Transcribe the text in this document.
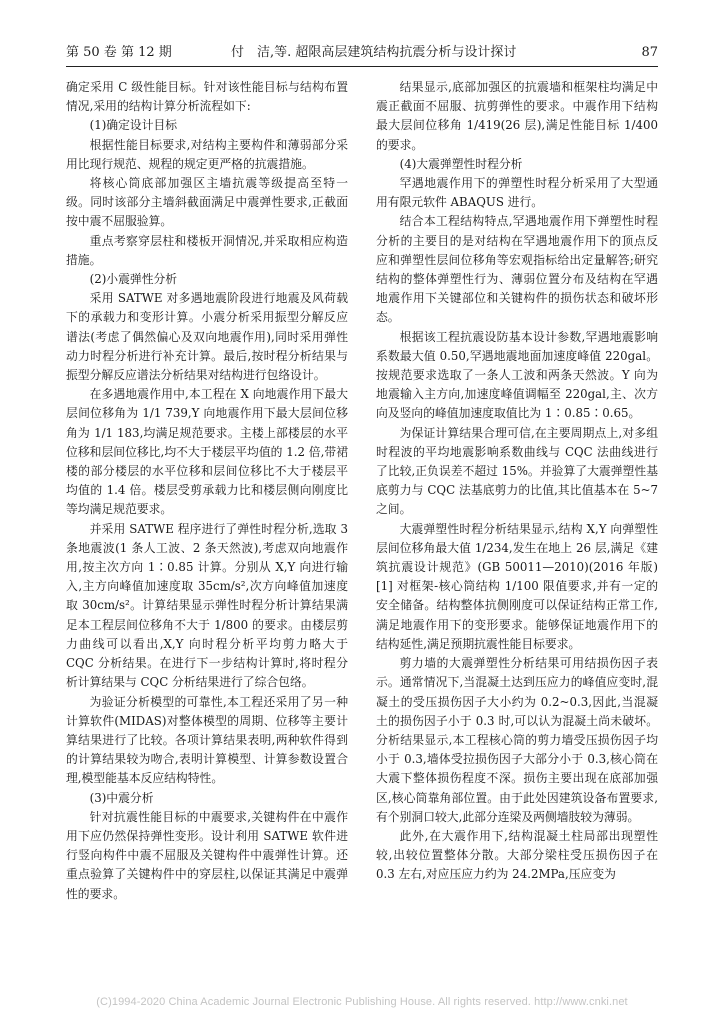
第 50 卷 第 12 期	付　洁,等. 超限高层建筑结构抗震分析与设计探讨	87

确定采用 C 级性能目标。针对该性能目标与结构布置情况,采用的结构计算分析流程如下:

(1)确定设计目标

根据性能目标要求,对结构主要构件和薄弱部分采用比现行规范、规程的规定更严格的抗震措施。

将核心筒底部加强区主墙抗震等级提高至特一级。同时该部分主墙斜截面满足中震弹性要求,正截面按中震不屈服验算。

重点考察穿层柱和楼板开洞情况,并采取相应构造措施。

(2)小震弹性分析

采用 SATWE 对多遇地震阶段进行地震及风荷载下的承载力和变形计算。小震分析采用振型分解反应谱法(考虑了偶然偏心及双向地震作用),同时采用弹性动力时程分析进行补充计算。最后,按时程分析结果与振型分解反应谱法分析结果对结构进行包络设计。

在多遇地震作用中,本工程在 X 向地震作用下最大层间位移角为 1/1 739,Y 向地震作用下最大层间位移角为 1/1 183,均满足规范要求。主楼上部楼层的水平位移和层间位移比,均不大于楼层平均值的 1.2 倍,带裙楼的部分楼层的水平位移和层间位移比不大于楼层平均值的 1.4 倍。楼层受剪承载力比和楼层侧向刚度比等均满足规范要求。

并采用 SATWE 程序进行了弹性时程分析,选取 3 条地震波(1 条人工波、2 条天然波),考虑双向地震作用,按主次方向 1∶0.85 计算。分别从 X,Y 向进行输入,主方向峰值加速度取 35cm/s²,次方向峰值加速度取 30cm/s²。计算结果显示弹性时程分析计算结果满足本工程层间位移角不大于 1/800 的要求。由楼层剪力曲线可以看出,X,Y 向时程分析平均剪力略大于 CQC 分析结果。在进行下一步结构计算时,将时程分析计算结果与 CQC 分析结果进行了综合包络。

为验证分析模型的可靠性,本工程还采用了另一种计算软件(MIDAS)对整体模型的周期、位移等主要计算结果进行了比较。各项计算结果表明,两种软件得到的计算结果较为吻合,表明计算模型、计算参数设置合理,模型能基本反应结构特性。

(3)中震分析

针对抗震性能目标的中震要求,关键构件在中震作用下应仍然保持弹性变形。设计利用 SATWE 软件进行竖向构件中震不屈服及关键构件中震弹性计算。还重点验算了关键构件中的穿层柱,以保证其满足中震弹性的要求。

结果显示,底部加强区的抗震墙和框架柱均满足中震正截面不屈服、抗剪弹性的要求。中震作用下结构最大层间位移角 1/419(26 层),满足性能目标 1/400 的要求。

(4)大震弹塑性时程分析

罕遇地震作用下的弹塑性时程分析采用了大型通用有限元软件 ABAQUS 进行。

结合本工程结构特点,罕遇地震作用下弹塑性时程分析的主要目的是对结构在罕遇地震作用下的顶点反应和弹塑性层间位移角等宏观指标给出定量解答;研究结构的整体弹塑性行为、薄弱位置分布及结构在罕遇地震作用下关键部位和关键构件的损伤状态和破坏形态。

根据该工程抗震设防基本设计参数,罕遇地震影响系数最大值 0.50,罕遇地震地面加速度峰值 220gal。按规范要求选取了一条人工波和两条天然波。Y 向为地震输入主方向,加速度峰值调幅至 220gal,主、次方向及竖向的峰值加速度取值比为 1∶0.85∶0.65。

为保证计算结果合理可信,在主要周期点上,对多组时程波的平均地震影响系数曲线与 CQC 法曲线进行了比较,正负误差不超过 15%。并验算了大震弹塑性基底剪力与 CQC 法基底剪力的比值,其比值基本在 5~7 之间。

大震弹塑性时程分析结果显示,结构 X,Y 向弹塑性层间位移角最大值 1/234,发生在地上 26 层,满足《建筑抗震设计规范》(GB 50011—2010)(2016 年版)[1] 对框架-核心筒结构 1/100 限值要求,并有一定的安全储备。结构整体抗侧刚度可以保证结构正常工作,满足地震作用下的变形要求。能够保证地震作用下的结构延性,满足预期抗震性能目标要求。

剪力墙的大震弹塑性分析结果可用结损伤因子表示。通常情况下,当混凝土达到压应力的峰值应变时,混凝土的受压损伤因子大小约为 0.2~0.3,因此,当混凝土的损伤因子小于 0.3 时,可以认为混凝土尚未破坏。分析结果显示,本工程核心筒的剪力墙受压损伤因子均小于 0.3,墙体受拉损伤因子大部分小于 0.3,核心筒在大震下整体损伤程度不深。损伤主要出现在底部加强区,核心筒靠角部位置。由于此处因建筑设备布置要求,有个别洞口较大,此部分连梁及两侧墙肢较为薄弱。

此外,在大震作用下,结构混凝土柱局部出现塑性较,出较位置整体分散。大部分梁柱受压损伤因子在 0.3 左右,对应压应力约为 24.2MPa,压应变为

(C)1994-2020 China Academic Journal Electronic Publishing House. All rights reserved. http://www.cnki.net
